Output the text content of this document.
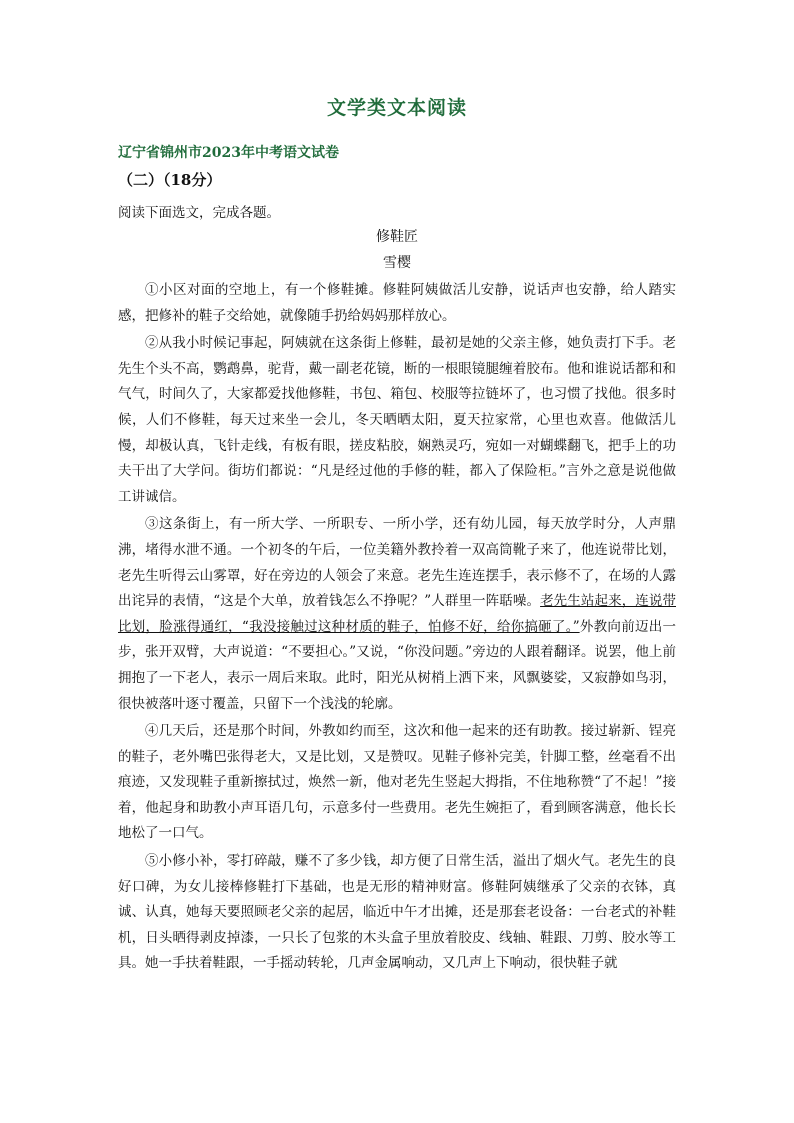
文学类文本阅读
辽宁省锦州市2023年中考语文试卷
（二）（18分）
阅读下面选文，完成各题。
修鞋匠
雪樱

①小区对面的空地上，有一个修鞋摊。修鞋阿姨做活儿安静，说话声也安静，给人踏实感，把修补的鞋子交给她，就像随手扔给妈妈那样放心。

②从我小时候记事起，阿姨就在这条街上修鞋，最初是她的父亲主修，她负责打下手。老先生个头不高，鹦鹉鼻，驼背，戴一副老花镜，断的一根眼镜腿缠着胶布。他和谁说话都和和气气，时间久了，大家都爱找他修鞋，书包、箱包、校服等拉链坏了，也习惯了找他。很多时候，人们不修鞋，每天过来坐一会儿，冬天晒晒太阳，夏天拉家常，心里也欢喜。他做活儿慢，却极认真，飞针走线，有板有眼，搓皮粘胶，娴熟灵巧，宛如一对蝴蝶翻飞，把手上的功夫干出了大学问。街坊们都说：“凡是经过他的手修的鞋，都入了保险柜。”言外之意是说他做工讲诚信。

③这条街上，有一所大学、一所职专、一所小学，还有幼儿园，每天放学时分，人声鼎沸，堵得水泄不通。一个初冬的午后，一位美籍外教拎着一双高筒靴子来了，他连说带比划，老先生听得云山雾罩，好在旁边的人领会了来意。老先生连连摆手，表示修不了，在场的人露出诧异的表情，“这是个大单，放着钱怎么不挣呢？”人群里一阵聒噪。老先生站起来，连说带比划，脸涨得通红，“我没接触过这种材质的鞋子，怕修不好，给你搞砸了。”外教向前迈出一步，张开双臂，大声说道：“不要担心。”又说，“你没问题。”旁边的人跟着翻译。说罢，他上前拥抱了一下老人，表示一周后来取。此时，阳光从树梢上洒下来，风飘婆娑，又寂静如鸟羽，很快被落叶逐寸覆盖，只留下一个浅浅的轮廓。

④几天后，还是那个时间，外教如约而至，这次和他一起来的还有助教。接过崭新、锃亮的鞋子，老外嘴巴张得老大，又是比划，又是赞叹。见鞋子修补完美，针脚工整，丝毫看不出痕迹，又发现鞋子重新擦拭过，焕然一新，他对老先生竖起大拇指，不住地称赞“了不起！”接着，他起身和助教小声耳语几句，示意多付一些费用。老先生婉拒了，看到顾客满意，他长长地松了一口气。

⑤小修小补，零打碎敲，赚不了多少钱，却方便了日常生活，溢出了烟火气。老先生的良好口碑，为女儿接棒修鞋打下基础，也是无形的精神财富。修鞋阿姨继承了父亲的衣钵，真诚、认真，她每天要照顾老父亲的起居，临近中午才出摊，还是那套老设备：一台老式的补鞋机，日头晒得剥皮掉漆，一只长了包浆的木头盒子里放着胶皮、线轴、鞋跟、刀剪、胶水等工具。她一手扶着鞋跟，一手摇动转轮，几声金属响动，又几声上下响动，很快鞋子就
